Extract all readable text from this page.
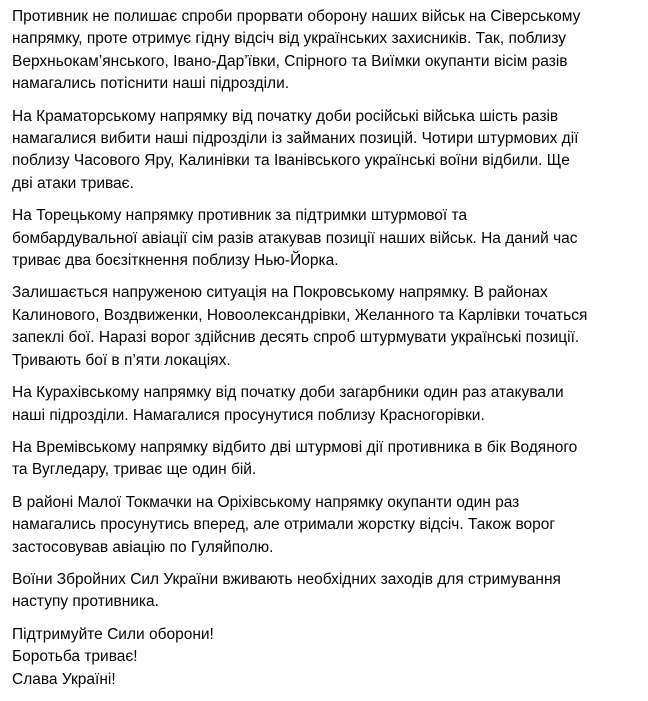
Противник не полишає спроби прорвати оборону наших військ на Сіверському
напрямку, проте отримує гідну відсіч від українських захисників. Так, поблизу
Верхньокам’янського, Івано-Дар’ївки, Спірного та Виїмки окупанти вісім разів
намагались потіснити наші підрозділи.

На Краматорському напрямку від початку доби російські війська шість разів
намагалися вибити наші підрозділи із займаних позицій. Чотири штурмових дії
поблизу Часового Яру, Калинівки та Іванівського українські воїни відбили. Ще
дві атаки триває.

На Торецькому напрямку противник за підтримки штурмової та
бомбардувальної авіації сім разів атакував позиції наших військ. На даний час
триває два боєзіткнення поблизу Нью-Йорка.

Залишається напруженою ситуація на Покровському напрямку. В районах
Калинового, Воздвиженки, Новоолександрівки, Желанного та Карлівки точаться
запеклі бої. Наразі ворог здійснив десять спроб штурмувати українські позиції.
Тривають бої в п’яти локаціях.

На Курахівському напрямку від початку доби загарбники один раз атакували
наші підрозділи. Намагалися просунутися поблизу Красногорівки.

На Времівському напрямку відбито дві штурмові дії противника в бік Водяного
та Вугледару, триває ще один бій.

В районі Малої Токмачки на Оріхівському напрямку окупанти один раз
намагались просунутись вперед, але отримали жорстку відсіч. Також ворог
застосовував авіацію по Гуляйполю.

Воїни Збройних Сил України вживають необхідних заходів для стримування
наступу противника.

Підтримуйте Сили оборони!
Боротьба триває!
Слава Україні!
